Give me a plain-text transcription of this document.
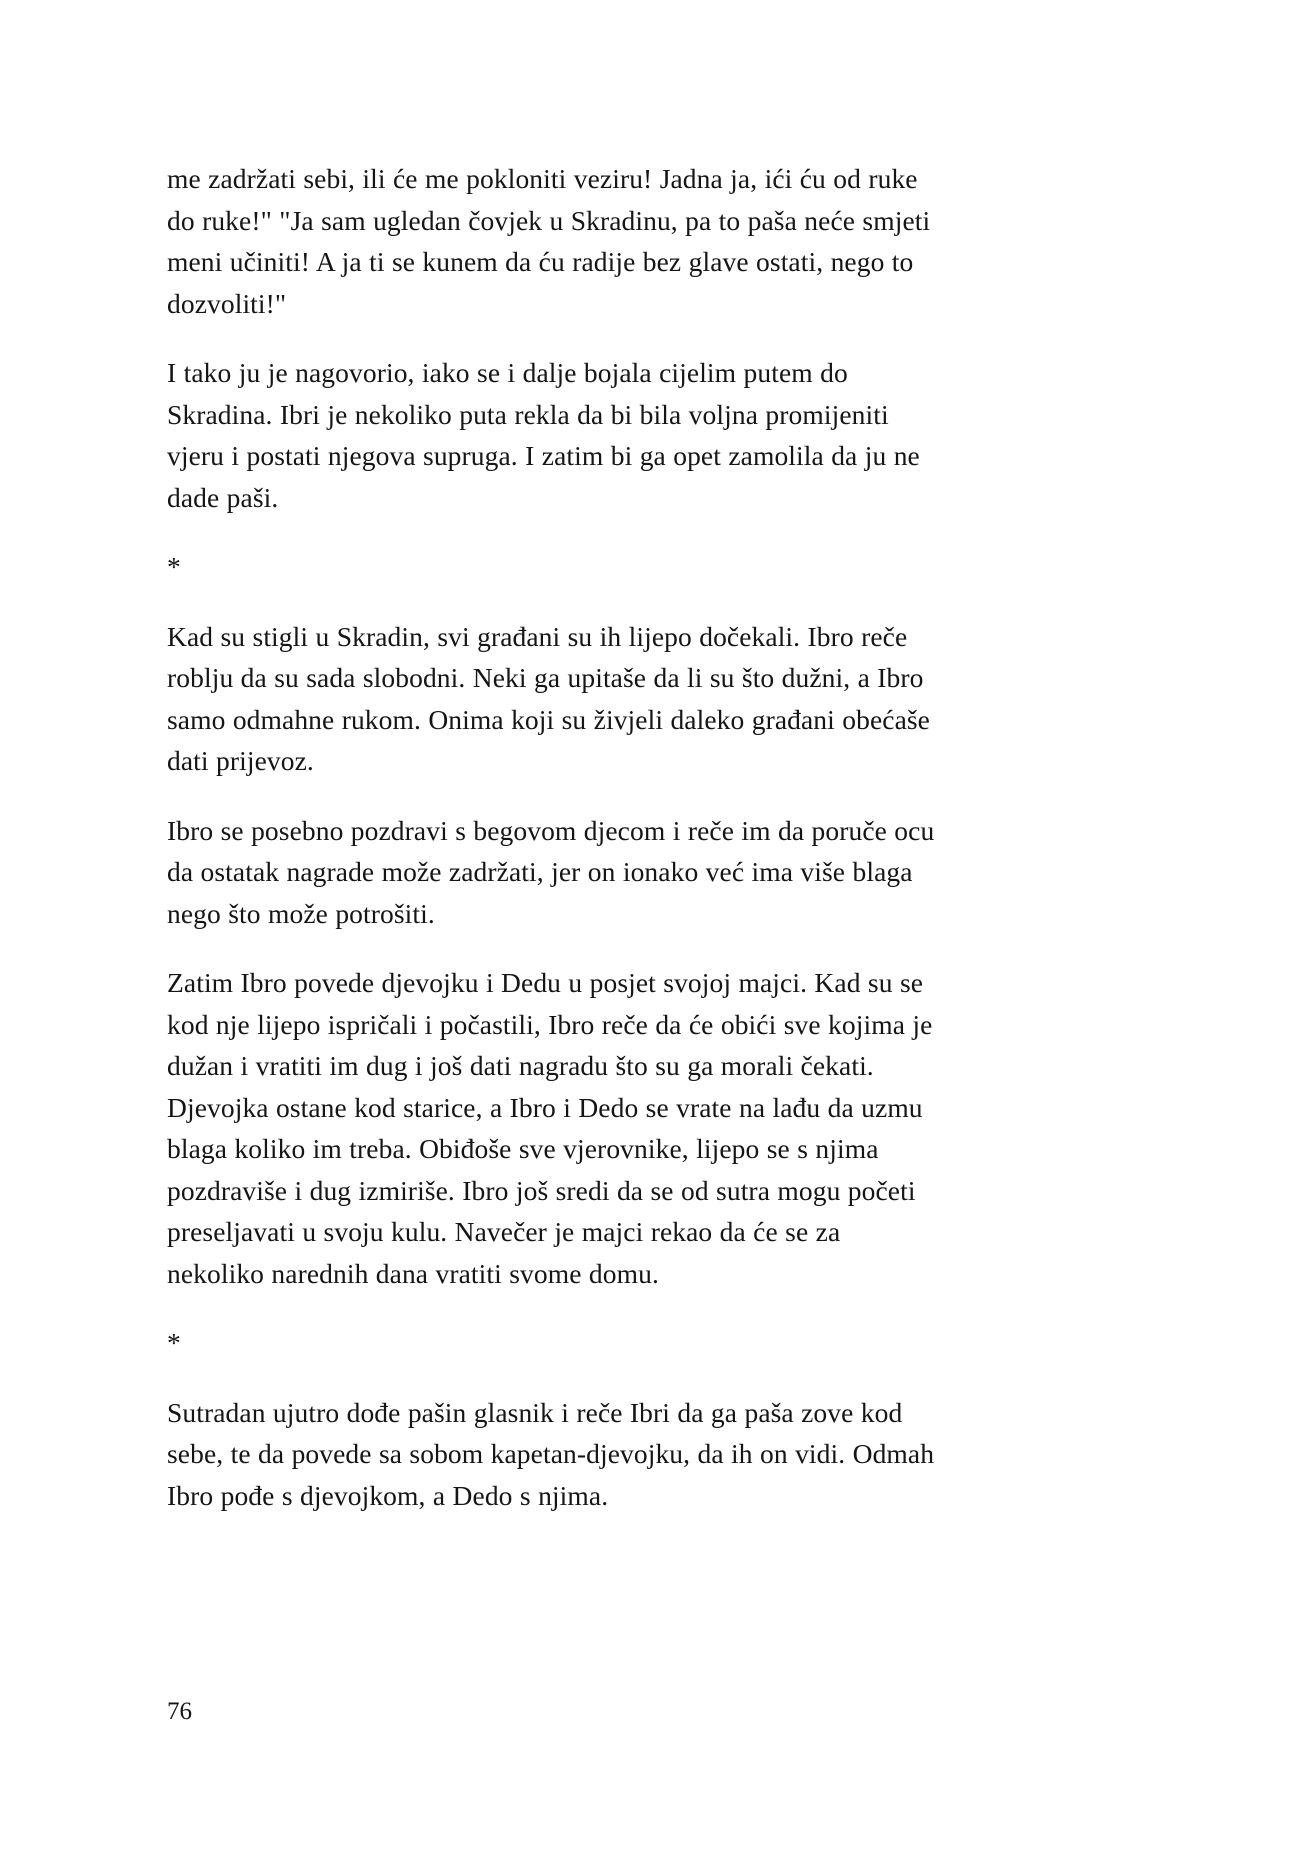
me zadržati sebi, ili će me pokloniti veziru! Jadna ja, ići ću od ruke do ruke!" "Ja sam ugledan čovjek u Skradinu, pa to paša neće smjeti meni učiniti! A ja ti se kunem da ću radije bez glave ostati, nego to dozvoliti!"

I tako ju je nagovorio, iako se i dalje bojala cijelim putem do Skradina. Ibri je nekoliko puta rekla da bi bila voljna promijeniti vjeru i postati njegova supruga. I zatim bi ga opet zamolila da ju ne dade paši.

*

Kad su stigli u Skradin, svi građani su ih lijepo dočekali. Ibro reče roblju da su sada slobodni. Neki ga upitaše da li su što dužni, a Ibro samo odmahne rukom. Onima koji su živjeli daleko građani obećaše dati prijevoz.

Ibro se posebno pozdravi s begovom djecom i reče im da poruče ocu da ostatak nagrade može zadržati, jer on ionako već ima više blaga nego što može potrošiti.

Zatim Ibro povede djevojku i Dedu u posjet svojoj majci. Kad su se kod nje lijepo ispričali i počastili, Ibro reče da će obići sve kojima je dužan i vratiti im dug i još dati nagradu što su ga morali čekati. Djevojka ostane kod starice, a Ibro i Dedo se vrate na lađu da uzmu blaga koliko im treba. Obiđoše sve vjerovnike, lijepo se s njima pozdraviše i dug izmiriše. Ibro još sredi da se od sutra mogu početi preseljavati u svoju kulu. Navečer je majci rekao da će se za nekoliko narednih dana vratiti svome domu.

*

Sutradan ujutro dođe pašin glasnik i reče Ibri da ga paša zove kod sebe, te da povede sa sobom kapetan-djevojku, da ih on vidi. Odmah Ibro pođe s djevojkom, a Dedo s njima.

76
